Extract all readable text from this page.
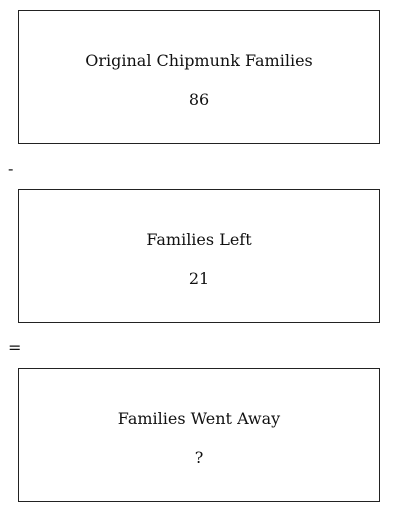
Original Chipmunk Families
86
-
Families Left
21
=
Families Went Away
?
